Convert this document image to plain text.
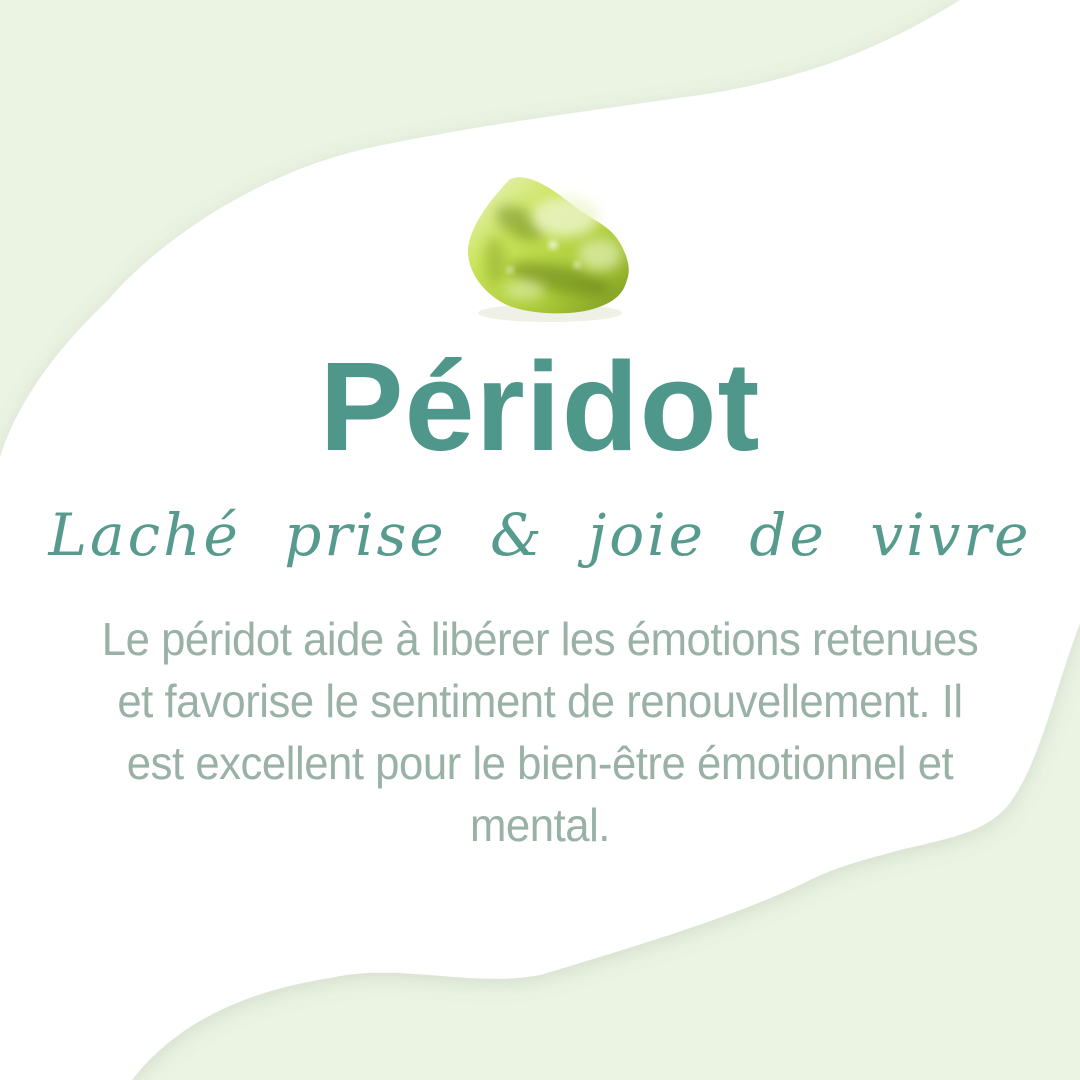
Péridot
Laché prise & joie de vivre
Le péridot aide à libérer les émotions retenues
et favorise le sentiment de renouvellement. Il
est excellent pour le bien-être émotionnel et
mental.
